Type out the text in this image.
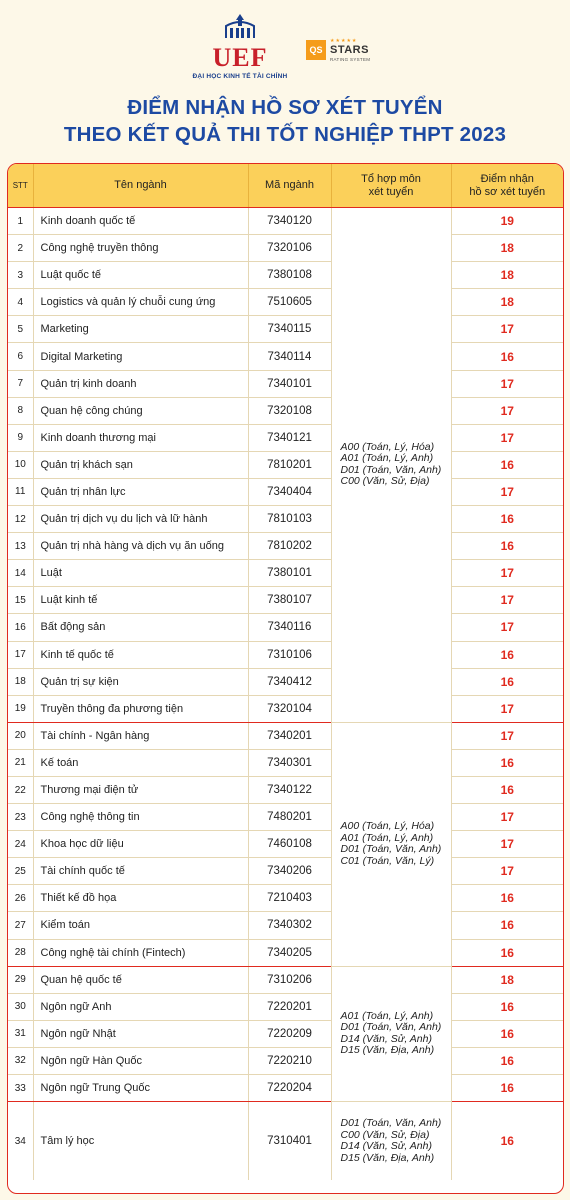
UEF
ĐẠI HỌC KINH TẾ TÀI CHÍNH
QS
★★★★★
STARS
RATING SYSTEM
ĐIỂM NHẬN HỒ SƠ XÉT TUYỂN
THEO KẾT QUẢ THI TỐT NGHIỆP THPT 2023
STT	Tên ngành	Mã ngành	Tổ hợp môn
xét tuyển	Điểm nhận
hồ sơ xét tuyển
1	Kinh doanh quốc tế	7340120	A00 (Toán, Lý, Hóa)
A01 (Toán, Lý, Anh)
D01 (Toán, Văn, Anh)
C00 (Văn, Sử, Địa)	19
2	Công nghệ truyền thông	7320106		18
3	Luật quốc tế	7380108		18
4	Logistics và quản lý chuỗi cung ứng	7510605		18
5	Marketing	7340115		17
6	Digital Marketing	7340114		16
7	Quản trị kinh doanh	7340101		17
8	Quan hệ công chúng	7320108		17
9	Kinh doanh thương mại	7340121		17
10	Quản trị khách sạn	7810201		16
11	Quản trị nhân lực	7340404		17
12	Quản trị dịch vụ du lịch và lữ hành	7810103		16
13	Quản trị nhà hàng và dịch vụ ăn uống	7810202		16
14	Luật	7380101		17
15	Luật kinh tế	7380107		17
16	Bất động sản	7340116		17
17	Kinh tế quốc tế	7310106		16
18	Quản trị sự kiện	7340412		16
19	Truyền thông đa phương tiện	7320104		17
20	Tài chính - Ngân hàng	7340201	A00 (Toán, Lý, Hóa)
A01 (Toán, Lý, Anh)
D01 (Toán, Văn, Anh)
C01 (Toán, Văn, Lý)	17
21	Kế toán	7340301		16
22	Thương mại điện tử	7340122		16
23	Công nghệ thông tin	7480201		17
24	Khoa học dữ liệu	7460108		17
25	Tài chính quốc tế	7340206		17
26	Thiết kế đồ họa	7210403		16
27	Kiểm toán	7340302		16
28	Công nghệ tài chính (Fintech)	7340205		16
29	Quan hệ quốc tế	7310206	A01 (Toán, Lý, Anh)
D01 (Toán, Văn, Anh)
D14 (Văn, Sử, Anh)
D15 (Văn, Địa, Anh)	18
30	Ngôn ngữ Anh	7220201		16
31	Ngôn ngữ Nhật	7220209		16
32	Ngôn ngữ Hàn Quốc	7220210		16
33	Ngôn ngữ Trung Quốc	7220204		16
34	Tâm lý học	7310401	D01 (Toán, Văn, Anh)
C00 (Văn, Sử, Địa)
D14 (Văn, Sử, Anh)
D15 (Văn, Địa, Anh)	16
